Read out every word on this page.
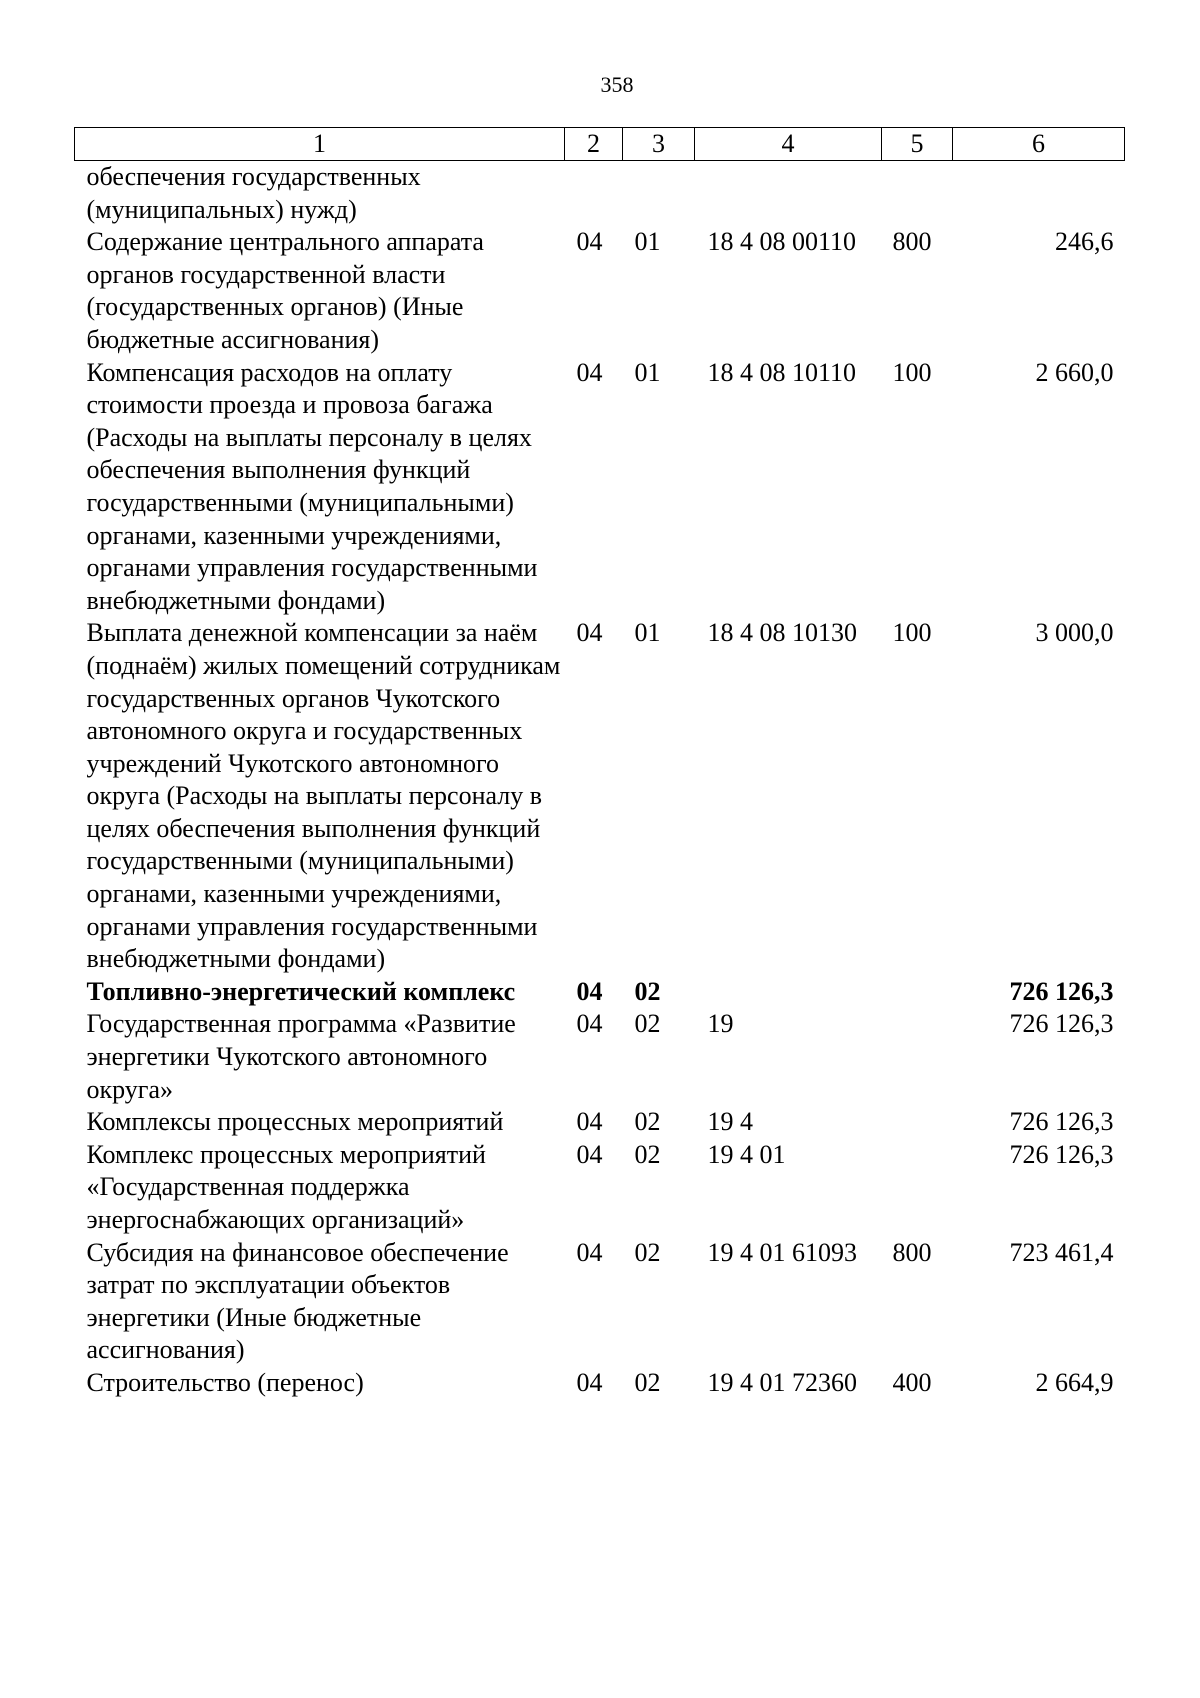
358
1	2	3	4	5	6
обеспечения государственных (муниципальных) нужд)					
Содержание центрального аппарата органов государственной власти (государственных органов) (Иные бюджетные ассигнования)	04	01	18 4 08 00110	800	246,6
Компенсация расходов на оплату стоимости проезда и провоза багажа (Расходы на выплаты персоналу в целях обеспечения выполнения функций государственными (муниципальными) органами, казенными учреждениями, органами управления государственными внебюджетными фондами)	04	01	18 4 08 10110	100	2 660,0
Выплата денежной компенсации за наём (поднаём) жилых помещений сотрудникам государственных органов Чукотского автономного округа и государственных учреждений Чукотского автономного округа (Расходы на выплаты персоналу в целях обеспечения выполнения функций государственными (муниципальными) органами, казенными учреждениями, органами управления государственными внебюджетными фондами)	04	01	18 4 08 10130	100	3 000,0
Топливно-энергетический комплекс	04	02			726 126,3
Государственная программа «Развитие энергетики Чукотского автономного округа»	04	02	19		726 126,3
Комплексы процессных мероприятий	04	02	19 4		726 126,3
Комплекс процессных мероприятий «Государственная поддержка энергоснабжающих организаций»	04	02	19 4 01		726 126,3
Субсидия на финансовое обеспечение затрат по эксплуатации объектов энергетики (Иные бюджетные ассигнования)	04	02	19 4 01 61093	800	723 461,4
Строительство (перенос)	04	02	19 4 01 72360	400	2 664,9
